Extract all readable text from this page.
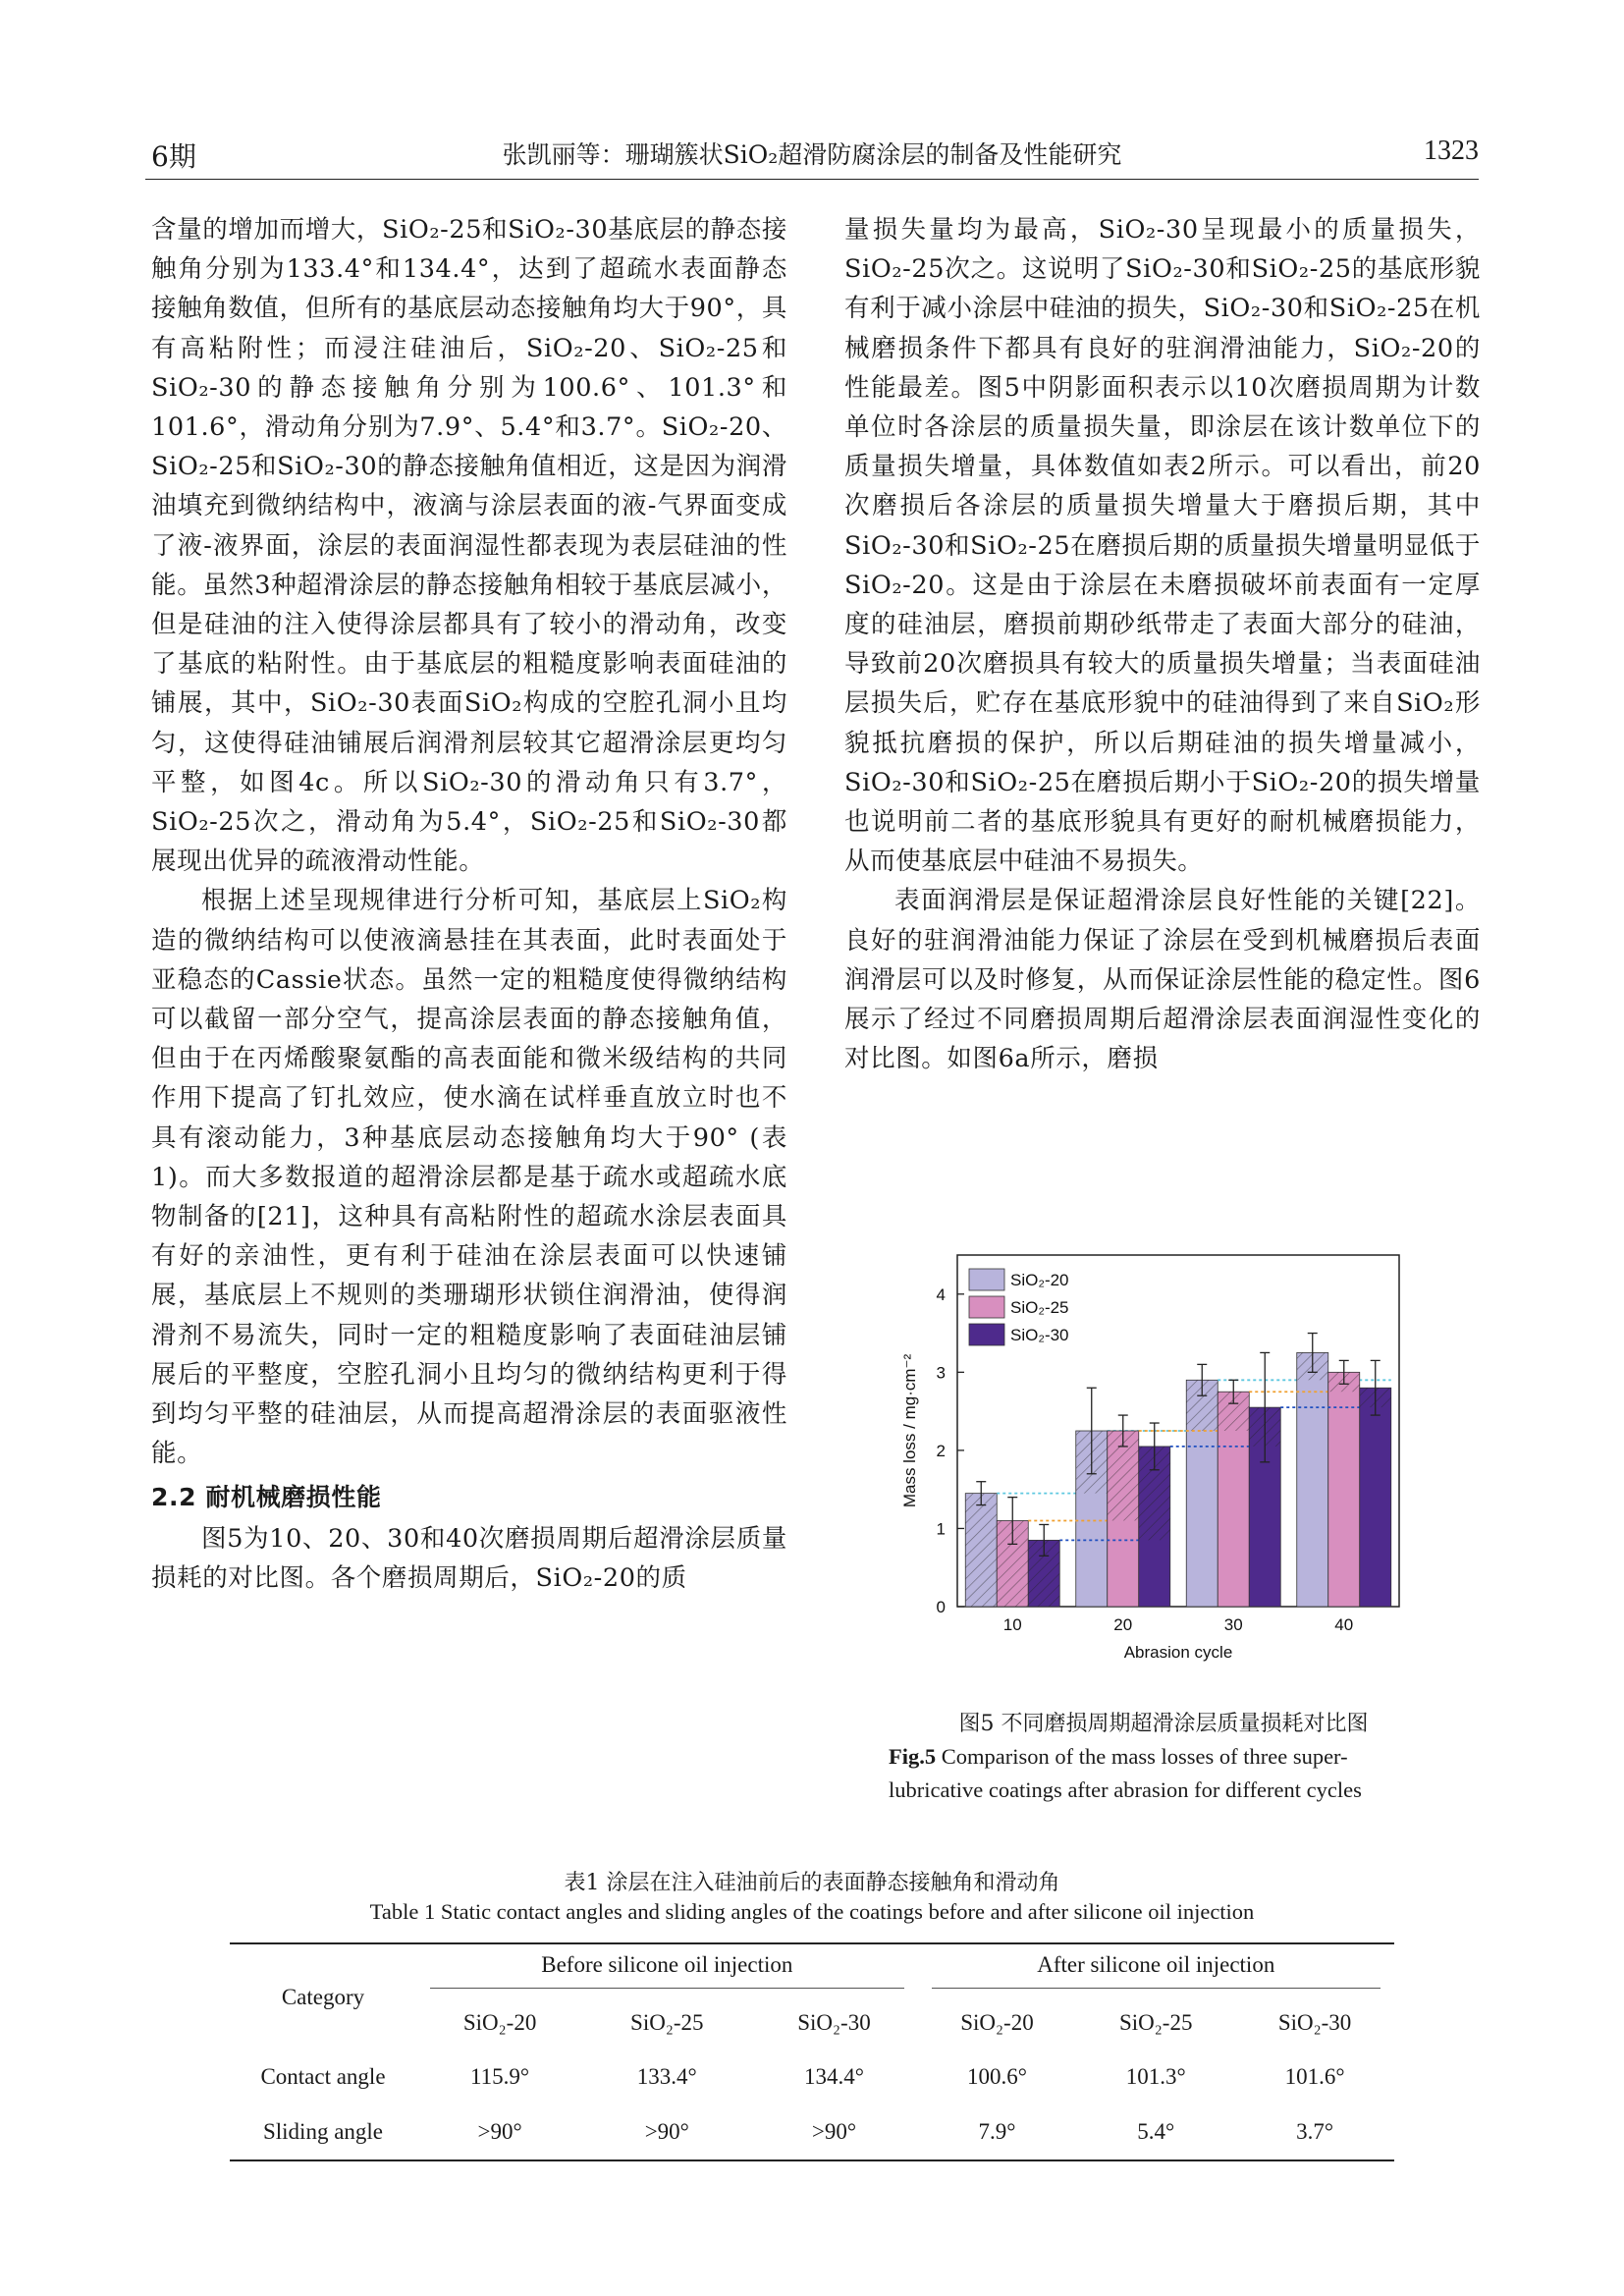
6期	张凯丽等：珊瑚簇状SiO₂超滑防腐涂层的制备及性能研究	1323

含量的增加而增大，SiO₂-25和SiO₂-30基底层的静态接触角分别为133.4°和134.4°，达到了超疏水表面静态接触角数值，但所有的基底层动态接触角均大于90°，具有高粘附性；而浸注硅油后，SiO₂-20、SiO₂-25和SiO₂-30的静态接触角分别为100.6°、101.3°和101.6°，滑动角分别为7.9°、5.4°和3.7°。SiO₂-20、SiO₂-25和SiO₂-30的静态接触角值相近，这是因为润滑油填充到微纳结构中，液滴与涂层表面的液-气界面变成了液-液界面，涂层的表面润湿性都表现为表层硅油的性能。虽然3种超滑涂层的静态接触角相较于基底层减小，但是硅油的注入使得涂层都具有了较小的滑动角，改变了基底的粘附性。由于基底层的粗糙度影响表面硅油的铺展，其中，SiO₂-30表面SiO₂构成的空腔孔洞小且均匀，这使得硅油铺展后润滑剂层较其它超滑涂层更均匀平整，如图4c。所以SiO₂-30的滑动角只有3.7°，SiO₂-25次之，滑动角为5.4°，SiO₂-25和SiO₂-30都展现出优异的疏液滑动性能。

根据上述呈现规律进行分析可知，基底层上SiO₂构造的微纳结构可以使液滴悬挂在其表面，此时表面处于亚稳态的Cassie状态。虽然一定的粗糙度使得微纳结构可以截留一部分空气，提高涂层表面的静态接触角值，但由于在丙烯酸聚氨酯的高表面能和微米级结构的共同作用下提高了钉扎效应，使水滴在试样垂直放立时也不具有滚动能力，3种基底层动态接触角均大于90° (表1)。而大多数报道的超滑涂层都是基于疏水或超疏水底物制备的[21]，这种具有高粘附性的超疏水涂层表面具有好的亲油性，更有利于硅油在涂层表面可以快速铺展，基底层上不规则的类珊瑚形状锁住润滑油，使得润滑剂不易流失，同时一定的粗糙度影响了表面硅油层铺展后的平整度，空腔孔洞小且均匀的微纳结构更利于得到均匀平整的硅油层，从而提高超滑涂层的表面驱液性能。

2.2 耐机械磨损性能

图5为10、20、30和40次磨损周期后超滑涂层质量损耗的对比图。各个磨损周期后，SiO₂-20的质

量损失量均为最高，SiO₂-30呈现最小的质量损失，SiO₂-25次之。这说明了SiO₂-30和SiO₂-25的基底形貌有利于减小涂层中硅油的损失，SiO₂-30和SiO₂-25在机械磨损条件下都具有良好的驻润滑油能力，SiO₂-20的性能最差。图5中阴影面积表示以10次磨损周期为计数单位时各涂层的质量损失量，即涂层在该计数单位下的质量损失增量，具体数值如表2所示。可以看出，前20次磨损后各涂层的质量损失增量大于磨损后期，其中SiO₂-30和SiO₂-25在磨损后期的质量损失增量明显低于SiO₂-20。这是由于涂层在未磨损破坏前表面有一定厚度的硅油层，磨损前期砂纸带走了表面大部分的硅油，导致前20次磨损具有较大的质量损失增量；当表面硅油层损失后，贮存在基底形貌中的硅油得到了来自SiO₂形貌抵抗磨损的保护，所以后期硅油的损失增量减小，SiO₂-30和SiO₂-25在磨损后期小于SiO₂-20的损失增量也说明前二者的基底形貌具有更好的耐机械磨损能力，从而使基底层中硅油不易损失。

表面润滑层是保证超滑涂层良好性能的关键[22]。良好的驻润滑油能力保证了涂层在受到机械磨损后表面润滑层可以及时修复，从而保证涂层性能的稳定性。图6展示了经过不同磨损周期后超滑涂层表面润湿性变化的对比图。如图6a所示，磨损

0
1
2
3
4
Mass loss / mg·cm⁻²
10	20	30	40
Abrasion cycle
SiO₂-20
SiO₂-25
SiO₂-30
图5 不同磨损周期超滑涂层质量损耗对比图
Fig.5 Comparison of the mass losses of three super-lubricative coatings after abrasion for different cycles
表1 涂层在注入硅油前后的表面静态接触角和滑动角
Table 1 Static contact angles and sliding angles of the coatings before and after silicone oil injection
Category	Before silicone oil injection			After silicone oil injection		

	SiO₂-20	SiO₂-25	SiO₂-30	SiO₂-20	SiO₂-25	SiO₂-30
Contact angle	115.9°	133.4°	134.4°	100.6°	101.3°	101.6°
Sliding angle	>90°	>90°	>90°	7.9°	5.4°	3.7°
